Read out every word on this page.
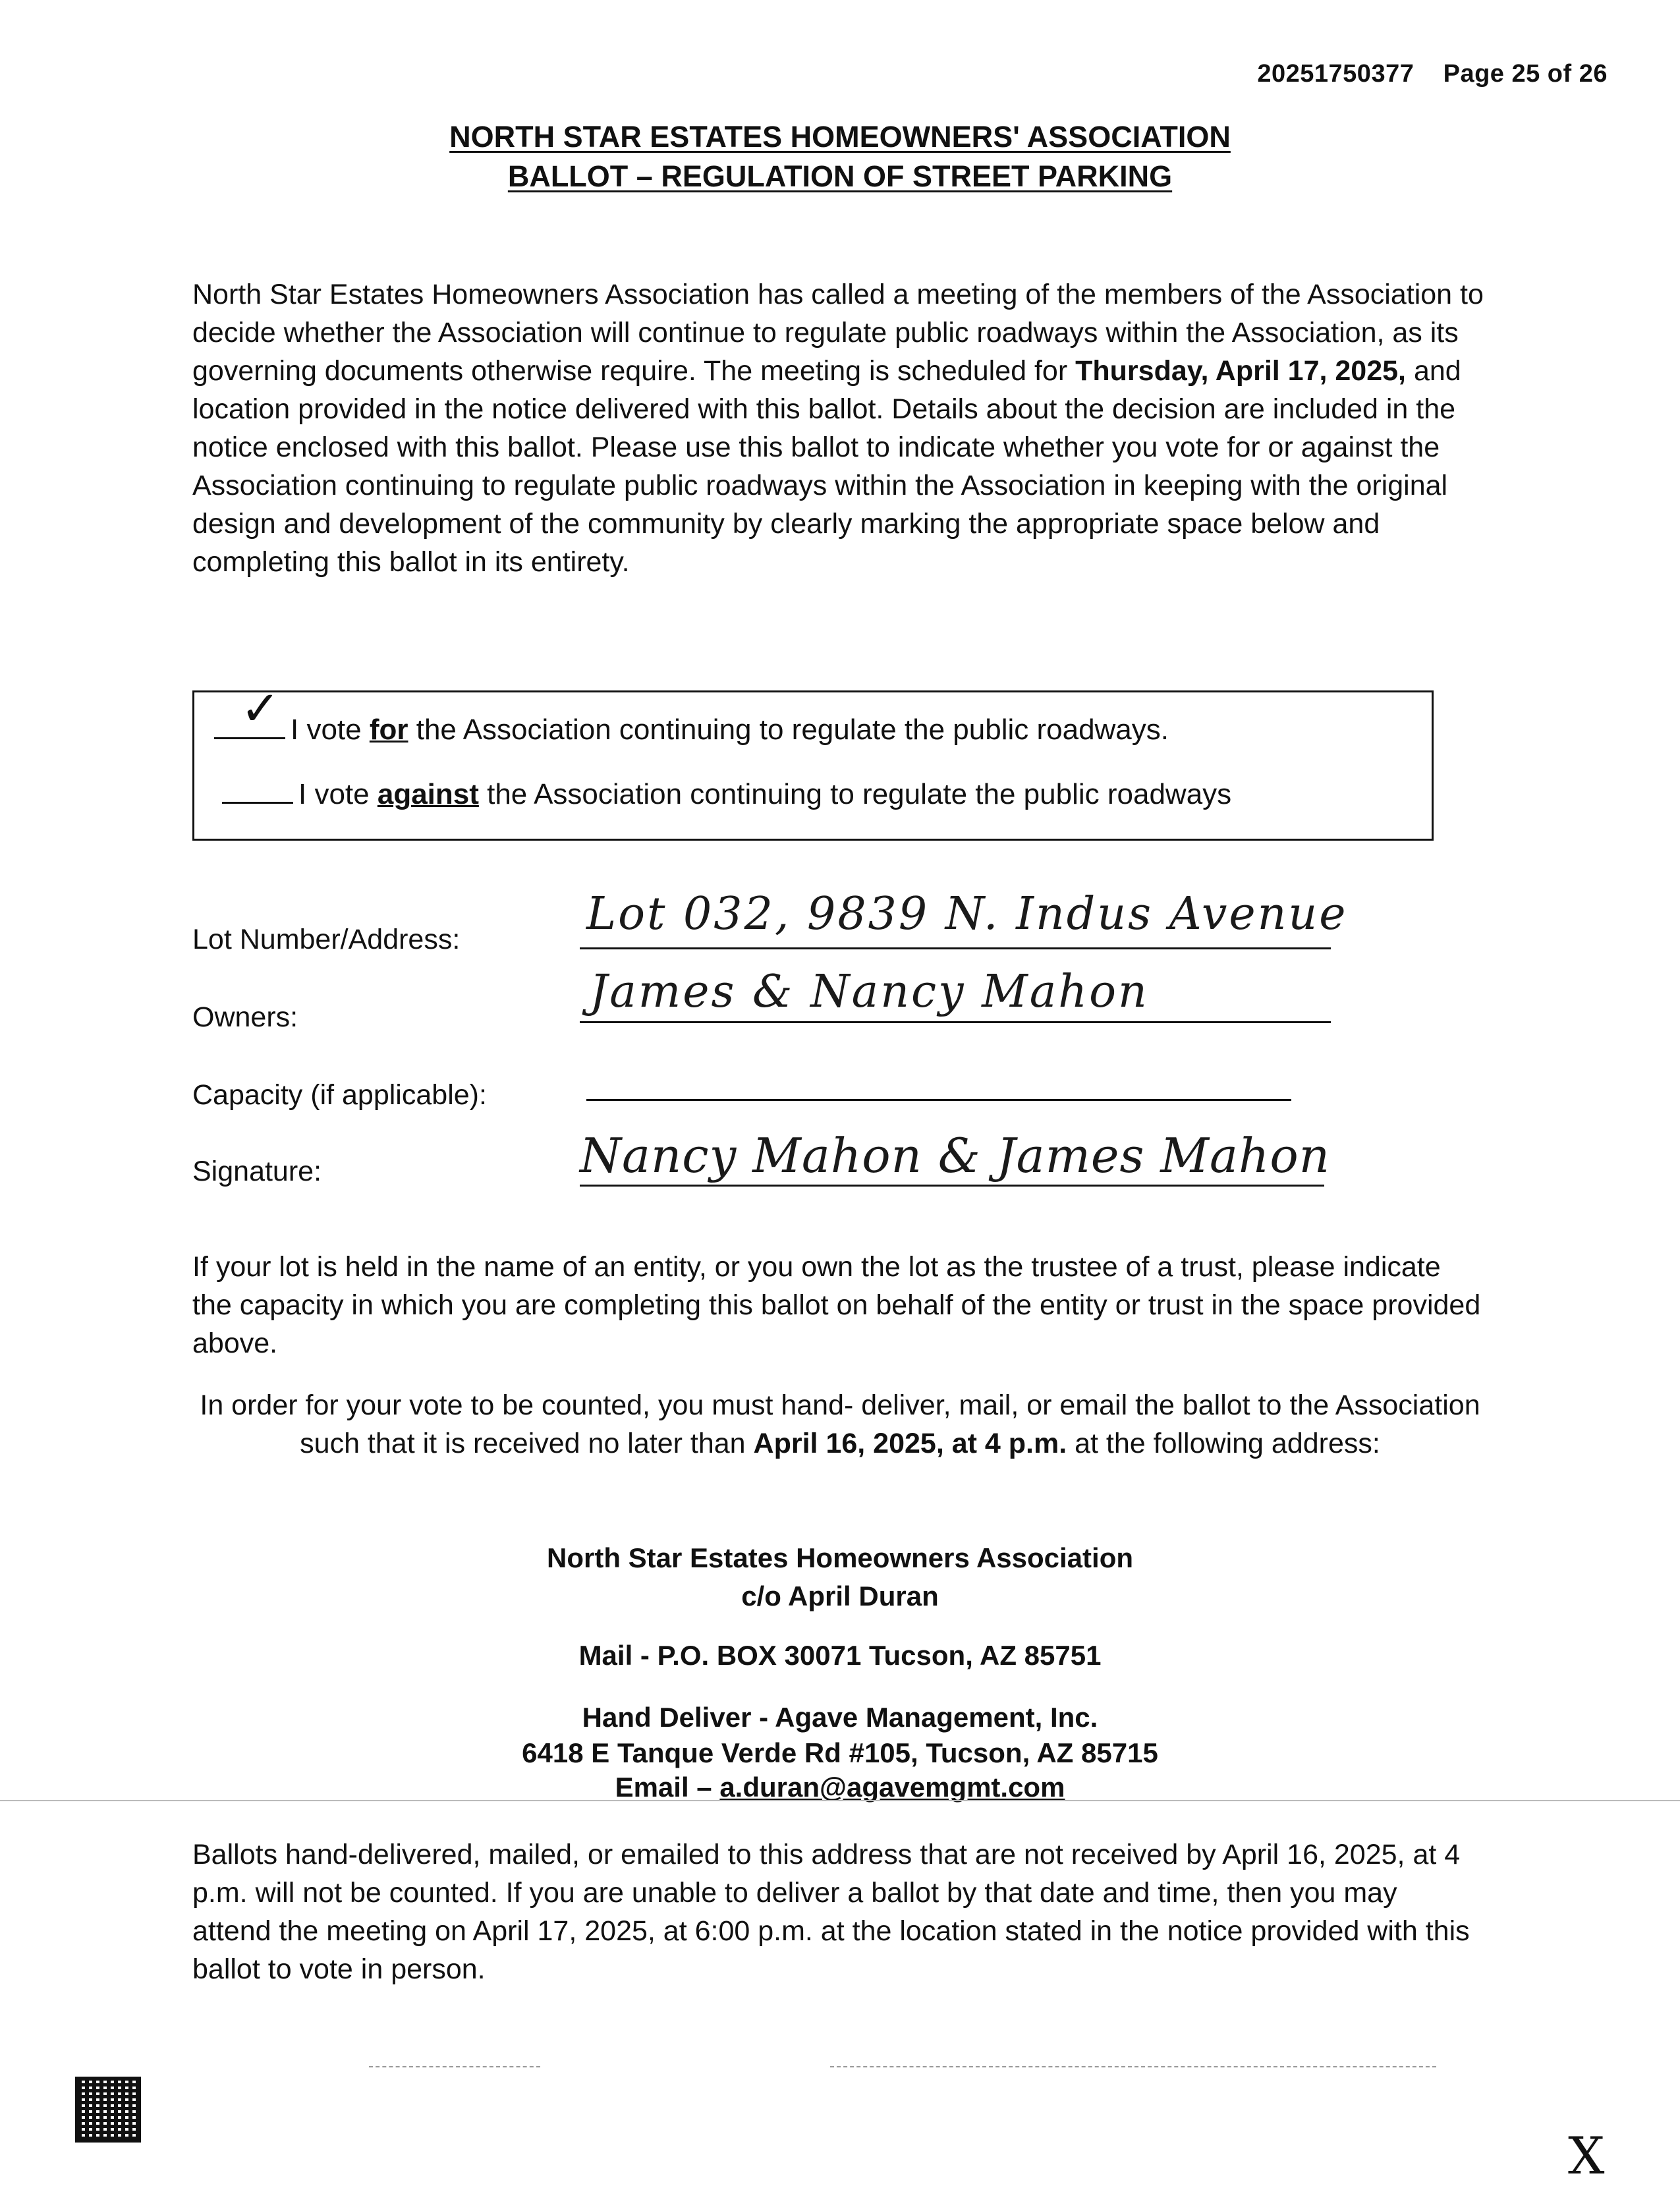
20251750377 Page 25 of 26

NORTH STAR ESTATES HOMEOWNERS' ASSOCIATION
BALLOT – REGULATION OF STREET PARKING

North Star Estates Homeowners Association has called a meeting of the members of the Association to decide whether the Association will continue to regulate public roadways within the Association, as its governing documents otherwise require. The meeting is scheduled for Thursday, April 17, 2025, and location provided in the notice delivered with this ballot. Details about the decision are included in the notice enclosed with this ballot. Please use this ballot to indicate whether you vote for or against the Association continuing to regulate public roadways within the Association in keeping with the original design and development of the community by clearly marking the appropriate space below and completing this ballot in its entirety.

✓ I vote for the Association continuing to regulate the public roadways.
I vote against the Association continuing to regulate the public roadways
Lot Number/Address:	Lot 032, 9839 N. Indus Avenue
Owners:	James & Nancy Mahon
Capacity (if applicable):
Signature:	Nancy Mahon & James Mahon

If your lot is held in the name of an entity, or you own the lot as the trustee of a trust, please indicate the capacity in which you are completing this ballot on behalf of the entity or trust in the space provided above.

In order for your vote to be counted, you must hand- deliver, mail, or email the ballot to the Association such that it is received no later than April 16, 2025, at 4 p.m. at the following address:

North Star Estates Homeowners Association
c/o April Duran
Mail - P.O. BOX 30071 Tucson, AZ 85751
Hand Deliver - Agave Management, Inc.
6418 E Tanque Verde Rd #105, Tucson, AZ 85715
Email – a.duran@agavemgmt.com

Ballots hand-delivered, mailed, or emailed to this address that are not received by April 16, 2025, at 4 p.m. will not be counted. If you are unable to deliver a ballot by that date and time, then you may attend the meeting on April 17, 2025, at 6:00 p.m. at the location stated in the notice provided with this ballot to vote in person.

X
